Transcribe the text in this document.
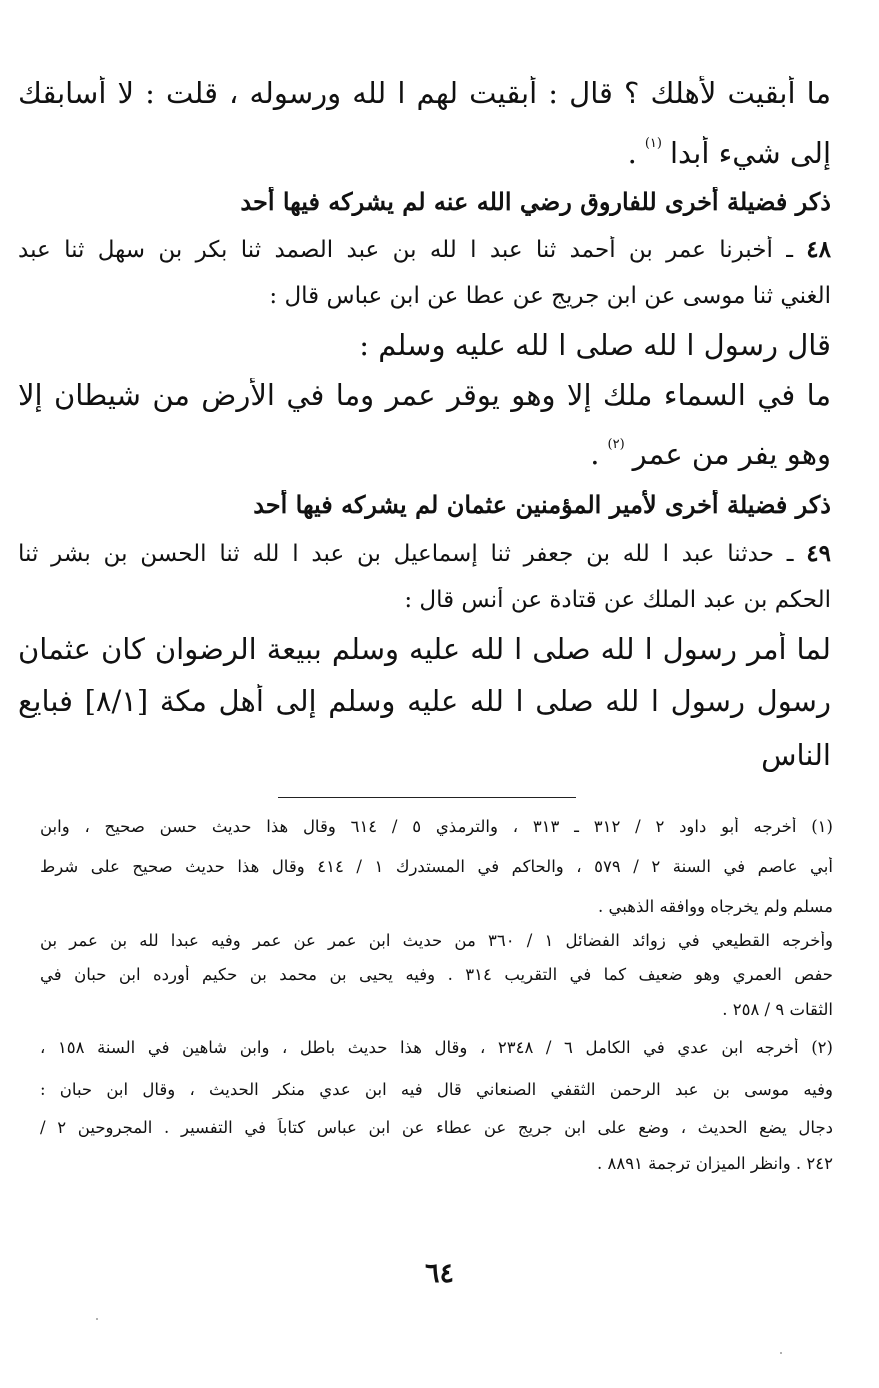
ما أبقيت لأهلك ؟ قال : أبقيت لهم ا لله ورسوله ، قلت : لا أسابقك
إلى شيء أبدا$^{(١)}$.
ذكر فضيلة أخرى للفاروق رضي الله عنه لم يشركه فيها أحد
٤٨ ـ أخبرنا عمر بن أحمد ثنا عبد ا لله بن عبد الصمد ثنا بكر بن سهل ثنا عبد
الغني ثنا موسى عن ابن جريج عن عطا عن ابن عباس قال :
قال رسول ا لله صلى ا لله عليه وسلم :
ما في السماء ملك إلا وهو يوقر عمر وما في الأرض من شيطان إلا
وهو يفر من عمر$^{(٢)}$.
ذكر فضيلة أخرى لأمير المؤمنين عثمان لم يشركه فيها أحد
٤٩ ـ حدثنا عبد ا لله بن جعفر ثنا إسماعيل بن عبد ا لله ثنا الحسن بن بشر ثنا
الحكم بن عبد الملك عن قتادة عن أنس قال :
لما أمر رسول ا لله صلى ا لله عليه وسلم ببيعة الرضوان كان عثمان
رسول رسول ا لله صلى ا لله عليه وسلم إلى أهل مكة [٨/١] فبايع
الناس
(١) أخرجه أبو داود ٢ / ٣١٢ ـ ٣١٣ ، والترمذي ٥ / ٦١٤ وقال هذا حديث حسن صحيح ، وابن
أبي عاصم في السنة ٢ / ٥٧٩ ، والحاكم في المستدرك ١ / ٤١٤ وقال هذا حديث صحيح على شرط
مسلم ولم يخرجاه ووافقه الذهبي .
وأخرجه القطيعي في زوائد الفضائل ١ / ٣٦٠ من حديث ابن عمر عن عمر وفيه عبدا لله بن عمر بن
حفص العمري وهو ضعيف كما في التقريب ٣١٤ . وفيه يحيى بن محمد بن حكيم أورده ابن حبان في
الثقات ٩ / ٢٥٨ .
(٢) أخرجه ابن عدي في الكامل ٦ / ٢٣٤٨ ، وقال هذا حديث باطل ، وابن شاهين في السنة ١٥٨ ،
وفيه موسى بن عبد الرحمن الثقفي الصنعاني قال فيه ابن عدي منكر الحديث ، وقال ابن حبان :
دجال يضع الحديث ، وضع على ابن جريج عن عطاء عن ابن عباس كتاباً في التفسير . المجروحين ٢ /
٢٤٢ . وانظر الميزان ترجمة ٨٨٩١ .
٦٤
